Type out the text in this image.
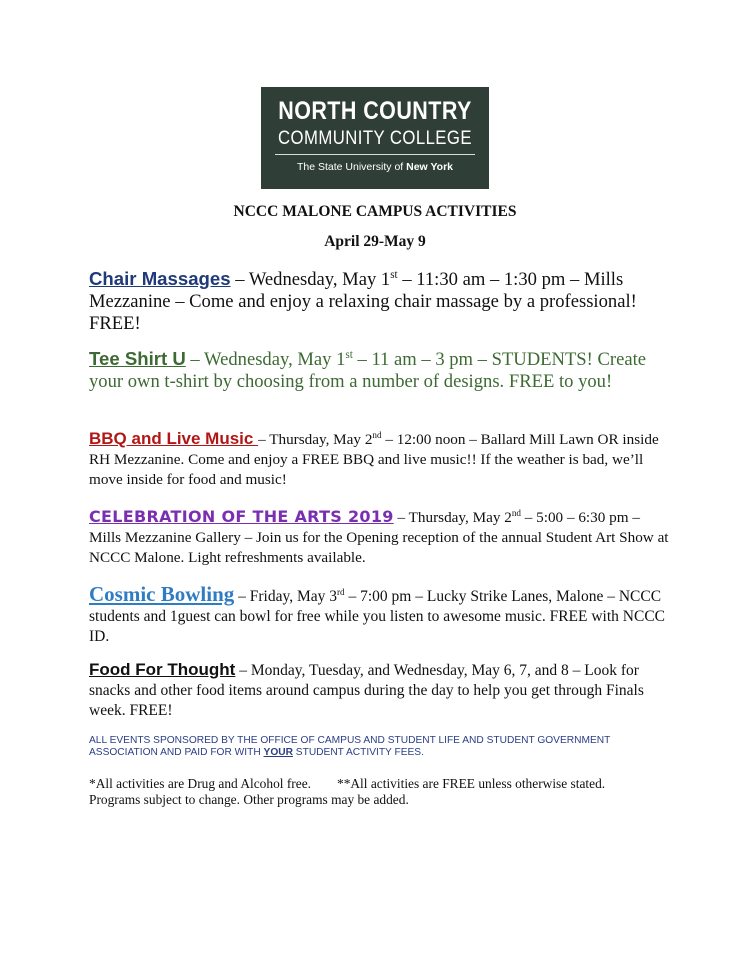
NORTH COUNTRY
COMMUNITY COLLEGE
The State University of New York
NCCC MALONE CAMPUS ACTIVITIES
April 29-May 9
Chair Massages – Wednesday, May 1st – 11:30 am – 1:30 pm – Mills Mezzanine – Come and enjoy a relaxing chair massage by a professional! FREE!
Tee Shirt U – Wednesday, May 1st – 11 am – 3 pm – STUDENTS! Create your own t-shirt by choosing from a number of designs. FREE to you!
BBQ and Live Music – Thursday, May 2nd – 12:00 noon – Ballard Mill Lawn OR inside RH Mezzanine. Come and enjoy a FREE BBQ and live music!! If the weather is bad, we’ll move inside for food and music!
CELEBRATION OF THE ARTS 2019 – Thursday, May 2nd – 5:00 – 6:30 pm – Mills Mezzanine Gallery – Join us for the Opening reception of the annual Student Art Show at NCCC Malone. Light refreshments available.
Cosmic Bowling – Friday, May 3rd – 7:00 pm – Lucky Strike Lanes, Malone – NCCC students and 1guest can bowl for free while you listen to awesome music. FREE with NCCC ID.
Food For Thought – Monday, Tuesday, and Wednesday, May 6, 7, and 8 – Look for snacks and other food items around campus during the day to help you get through Finals week. FREE!
ALL EVENTS SPONSORED BY THE OFFICE OF CAMPUS AND STUDENT LIFE AND STUDENT GOVERNMENT ASSOCIATION AND PAID FOR WITH YOUR STUDENT ACTIVITY FEES.
*All activities are Drug and Alcohol free. **All activities are FREE unless otherwise stated.
Programs subject to change. Other programs may be added.
